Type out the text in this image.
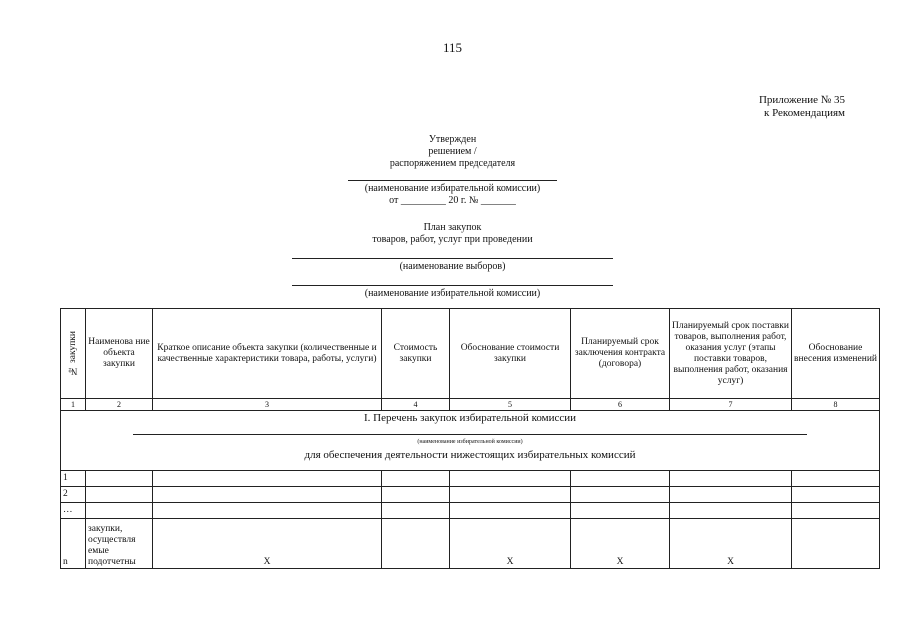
115
Приложение № 35
к Рекомендациям
Утвержден
решением /
распоряжением председателя
(наименование избирательной комиссии)
от _________ 20 г. № _______
План закупок
товаров, работ, услуг при проведении
(наименование выборов)
(наименование избирательной комиссии)
№ закупки	Наименова ние объекта закупки	Краткое описание объекта закупки (количественные и качественные характеристики товара, работы, услуги)	Стоимость закупки	Обоснование стоимости закупки	Планируемый срок заключения контракта (договора)	Планируемый срок поставки товаров, выполнения работ, оказания услуг (этапы поставки товаров, выполнения работ, оказания услуг)	Обоснование внесения изменений
1	2	3	4	5	6	7	8

I. Перечень закупок избирательной комиссии
(наименование избирательной комиссии)
для обеспечения деятельности нижестоящих избирательных комиссий							

1							
2							
…							
n	закупки, осуществля емые подотчетны	X		X	X	X	
